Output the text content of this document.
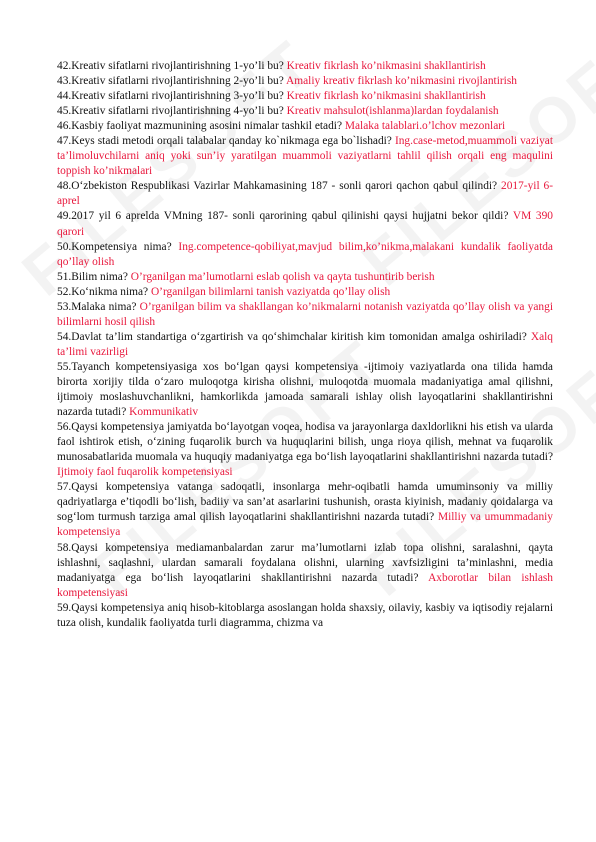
42.Kreativ sifatlarni rivojlantirishning 1-yo’li bu? Kreativ fikrlash ko’nikmasini shakllantirish

43.Kreativ sifatlarni rivojlantirishning 2-yo’li bu? Amaliy kreativ fikrlash ko’nikmasini rivojlantirish

44.Kreativ sifatlarni rivojlantirishning 3-yo’li bu? Kreativ fikrlash ko’nikmasini shakllantirish

45.Kreativ sifatlarni rivojlantirishning 4-yo’li bu? Kreativ mahsulot(ishlanma)lardan foydalanish

46.Kasbiy faoliyat mazmunining asosini nimalar tashkil etadi? Malaka talablari.o’lchov mezonlari

47.Keys stadi metodi orqali talabalar qanday ko`nikmaga ega bo`lishadi? Ing.case-metod,muammoli vaziyat ta’limoluvchilarni aniq yoki sun’iy yaratilgan muammoli vaziyatlarni tahlil qilish orqali eng maqulini toppish ko’nikmalari

48.O‘zbekiston Respublikasi Vazirlar Mahkamasining 187 - sonli qarori qachon qabul qilindi? 2017-yil 6-aprel

49.2017 yil 6 aprelda VMning 187- sonli qarorining qabul qilinishi qaysi hujjatni bekor qildi? VM 390 qarori

50.Kompetensiya nima? Ing.competence-qobiliyat,mavjud bilim,ko’nikma,malakani kundalik faoliyatda qo’llay olish

51.Bilim nima? O’rganilgan ma’lumotlarni eslab qolish va qayta tushuntirib berish

52.Ko‘nikma nima? O’rganilgan bilimlarni tanish vaziyatda qo’llay olish

53.Malaka nima? O’rganilgan bilim va shakllangan ko’nikmalarni notanish vaziyatda qo’llay olish va yangi bilimlarni hosil qilish

54.Davlat ta’lim standartiga o‘zgartirish va qo‘shimchalar kiritish kim tomonidan amalga oshiriladi? Xalq ta’limi vazirligi

55.Tayanch kompetensiyasiga xos bo‘lgan qaysi kompetensiya -ijtimoiy vaziyatlarda ona tilida hamda birorta xorijiy tilda o‘zaro muloqotga kirisha olishni, muloqotda muomala madaniyatiga amal qilishni, ijtimoiy moslashuvchanlikni, hamkorlikda jamoada samarali ishlay olish layoqatlarini shakllantirishni nazarda tutadi? Kommunikativ

56.Qaysi kompetensiya jamiyatda bo‘layotgan voqea, hodisa va jarayonlarga daxldorlikni his etish va ularda faol ishtirok etish, o‘zining fuqarolik burch va huquqlarini bilish, unga rioya qilish, mehnat va fuqarolik munosabatlarida muomala va huquqiy madaniyatga ega bo‘lish layoqatlarini shakllantirishni nazarda tutadi? Ijtimoiy faol fuqarolik kompetensiyasi

57.Qaysi kompetensiya vatanga sadoqatli, insonlarga mehr-oqibatli hamda umuminsoniy va milliy qadriyatlarga e’tiqodli bo‘lish, badiiy va san’at asarlarini tushunish, orasta kiyinish, madaniy qoidalarga va sog‘lom turmush tarziga amal qilish layoqatlarini shakllantirishni nazarda tutadi? Milliy va umummadaniy kompetensiya

58.Qaysi kompetensiya mediamanbalardan zarur ma’lumotlarni izlab topa olishni, saralashni, qayta ishlashni, saqlashni, ulardan samarali foydalana olishni, ularning xavfsizligini ta’minlashni, media madaniyatga ega bo‘lish layoqatlarini shakllantirishni nazarda tutadi? Axborotlar bilan ishlash kompetensiyasi

59.Qaysi kompetensiya aniq hisob-kitoblarga asoslangan holda shaxsiy, oilaviy, kasbiy va iqtisodiy rejalarni tuza olish, kundalik faoliyatda turli diagramma, chizma va
